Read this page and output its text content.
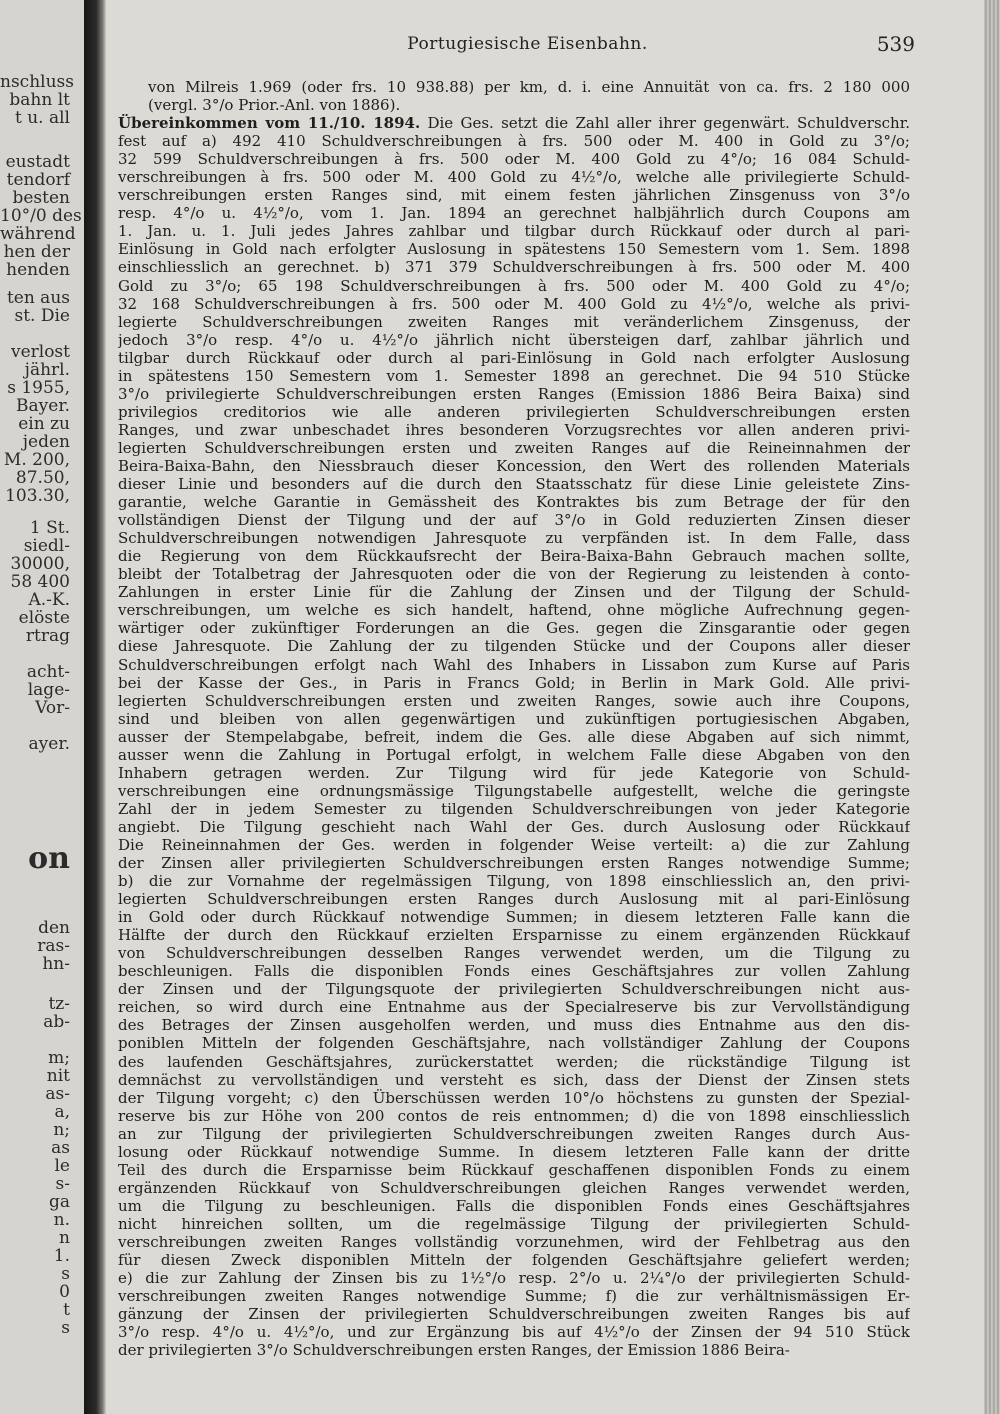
nschluss
bahn lt
t u. all
eustadt
tendorf
besten
10°/0 des
während
hen der
henden
ten aus
st. Die
verlost
jährl.
s 1955,
Bayer.
ein zu
jeden
M. 200,
87.50,
103.30,
1 St.
siedl-
30000,
58 400
A.-K.
elöste
rtrag
acht-
lage-
Vor-
ayer.
on
den
ras-
hn-
tz-
ab-
m;
nit
as-
a,
n;
as
le
s-
ga
n.
n
1.
s
0
t
s
Portugiesische Eisenbahn.	539
von Milreis 1.969 (oder frs. 10 938.88) per km, d. i. eine Annuität von ca. frs. 2 180 000
(vergl. 3°/o Prior.-Anl. von 1886).
Übereinkommen vom 11./10. 1894. Die Ges. setzt die Zahl aller ihrer gegenwärt. Schuldverschr.
fest auf a) 492 410 Schuldverschreibungen à frs. 500 oder M. 400 in Gold zu 3°/o;
32 599 Schuldverschreibungen à frs. 500 oder M. 400 Gold zu 4°/o; 16 084 Schuld-
verschreibungen à frs. 500 oder M. 400 Gold zu 4½°/o, welche alle privilegierte Schuld-
verschreibungen ersten Ranges sind, mit einem festen jährlichen Zinsgenuss von 3°/o
resp. 4°/o u. 4½°/o, vom 1. Jan. 1894 an gerechnet halbjährlich durch Coupons am
1. Jan. u. 1. Juli jedes Jahres zahlbar und tilgbar durch Rückkauf oder durch al pari-
Einlösung in Gold nach erfolgter Auslosung in spätestens 150 Semestern vom 1. Sem. 1898
einschliesslich an gerechnet. b) 371 379 Schuldverschreibungen à frs. 500 oder M. 400
Gold zu 3°/o; 65 198 Schuldverschreibungen à frs. 500 oder M. 400 Gold zu 4°/o;
32 168 Schuldverschreibungen à frs. 500 oder M. 400 Gold zu 4½°/o, welche als privi-
legierte Schuldverschreibungen zweiten Ranges mit veränderlichem Zinsgenuss, der
jedoch 3°/o resp. 4°/o u. 4½°/o jährlich nicht übersteigen darf, zahlbar jährlich und
tilgbar durch Rückkauf oder durch al pari-Einlösung in Gold nach erfolgter Auslosung
in spätestens 150 Semestern vom 1. Semester 1898 an gerechnet. Die 94 510 Stücke
3°/o privilegierte Schuldverschreibungen ersten Ranges (Emission 1886 Beira Baixa) sind
privilegios creditorios wie alle anderen privilegierten Schuldverschreibungen ersten
Ranges, und zwar unbeschadet ihres besonderen Vorzugsrechtes vor allen anderen privi-
legierten Schuldverschreibungen ersten und zweiten Ranges auf die Reineinnahmen der
Beira-Baixa-Bahn, den Niessbrauch dieser Koncession, den Wert des rollenden Materials
dieser Linie und besonders auf die durch den Staatsschatz für diese Linie geleistete Zins-
garantie, welche Garantie in Gemässheit des Kontraktes bis zum Betrage der für den
vollständigen Dienst der Tilgung und der auf 3°/o in Gold reduzierten Zinsen dieser
Schuldverschreibungen notwendigen Jahresquote zu verpfänden ist. In dem Falle, dass
die Regierung von dem Rückkaufsrecht der Beira-Baixa-Bahn Gebrauch machen sollte,
bleibt der Totalbetrag der Jahresquoten oder die von der Regierung zu leistenden à conto-
Zahlungen in erster Linie für die Zahlung der Zinsen und der Tilgung der Schuld-
verschreibungen, um welche es sich handelt, haftend, ohne mögliche Aufrechnung gegen-
wärtiger oder zukünftiger Forderungen an die Ges. gegen die Zinsgarantie oder gegen
diese Jahresquote. Die Zahlung der zu tilgenden Stücke und der Coupons aller dieser
Schuldverschreibungen erfolgt nach Wahl des Inhabers in Lissabon zum Kurse auf Paris
bei der Kasse der Ges., in Paris in Francs Gold; in Berlin in Mark Gold. Alle privi-
legierten Schuldverschreibungen ersten und zweiten Ranges, sowie auch ihre Coupons,
sind und bleiben von allen gegenwärtigen und zukünftigen portugiesischen Abgaben,
ausser der Stempelabgabe, befreit, indem die Ges. alle diese Abgaben auf sich nimmt,
ausser wenn die Zahlung in Portugal erfolgt, in welchem Falle diese Abgaben von den
Inhabern getragen werden. Zur Tilgung wird für jede Kategorie von Schuld-
verschreibungen eine ordnungsmässige Tilgungstabelle aufgestellt, welche die geringste
Zahl der in jedem Semester zu tilgenden Schuldverschreibungen von jeder Kategorie
angiebt. Die Tilgung geschieht nach Wahl der Ges. durch Auslosung oder Rückkauf
Die Reineinnahmen der Ges. werden in folgender Weise verteilt: a) die zur Zahlung
der Zinsen aller privilegierten Schuldverschreibungen ersten Ranges notwendige Summe;
b) die zur Vornahme der regelmässigen Tilgung, von 1898 einschliesslich an, den privi-
legierten Schuldverschreibungen ersten Ranges durch Auslosung mit al pari-Einlösung
in Gold oder durch Rückkauf notwendige Summen; in diesem letzteren Falle kann die
Hälfte der durch den Rückkauf erzielten Ersparnisse zu einem ergänzenden Rückkauf
von Schuldverschreibungen desselben Ranges verwendet werden, um die Tilgung zu
beschleunigen. Falls die disponiblen Fonds eines Geschäftsjahres zur vollen Zahlung
der Zinsen und der Tilgungsquote der privilegierten Schuldverschreibungen nicht aus-
reichen, so wird durch eine Entnahme aus der Specialreserve bis zur Vervollständigung
des Betrages der Zinsen ausgeholfen werden, und muss dies Entnahme aus den dis-
poniblen Mitteln der folgenden Geschäftsjahre, nach vollständiger Zahlung der Coupons
des laufenden Geschäftsjahres, zurückerstattet werden; die rückständige Tilgung ist
demnächst zu vervollständigen und versteht es sich, dass der Dienst der Zinsen stets
der Tilgung vorgeht; c) den Überschüssen werden 10°/o höchstens zu gunsten der Spezial-
reserve bis zur Höhe von 200 contos de reis entnommen; d) die von 1898 einschliesslich
an zur Tilgung der privilegierten Schuldverschreibungen zweiten Ranges durch Aus-
losung oder Rückkauf notwendige Summe. In diesem letzteren Falle kann der dritte
Teil des durch die Ersparnisse beim Rückkauf geschaffenen disponiblen Fonds zu einem
ergänzenden Rückkauf von Schuldverschreibungen gleichen Ranges verwendet werden,
um die Tilgung zu beschleunigen. Falls die disponiblen Fonds eines Geschäftsjahres
nicht hinreichen sollten, um die regelmässige Tilgung der privilegierten Schuld-
verschreibungen zweiten Ranges vollständig vorzunehmen, wird der Fehlbetrag aus den
für diesen Zweck disponiblen Mitteln der folgenden Geschäftsjahre geliefert werden;
e) die zur Zahlung der Zinsen bis zu 1½°/o resp. 2°/o u. 2¼°/o der privilegierten Schuld-
verschreibungen zweiten Ranges notwendige Summe; f) die zur verhältnismässigen Er-
gänzung der Zinsen der privilegierten Schuldverschreibungen zweiten Ranges bis auf
3°/o resp. 4°/o u. 4½°/o, und zur Ergänzung bis auf 4½°/o der Zinsen der 94 510 Stück
der privilegierten 3°/o Schuldverschreibungen ersten Ranges, der Emission 1886 Beira-
